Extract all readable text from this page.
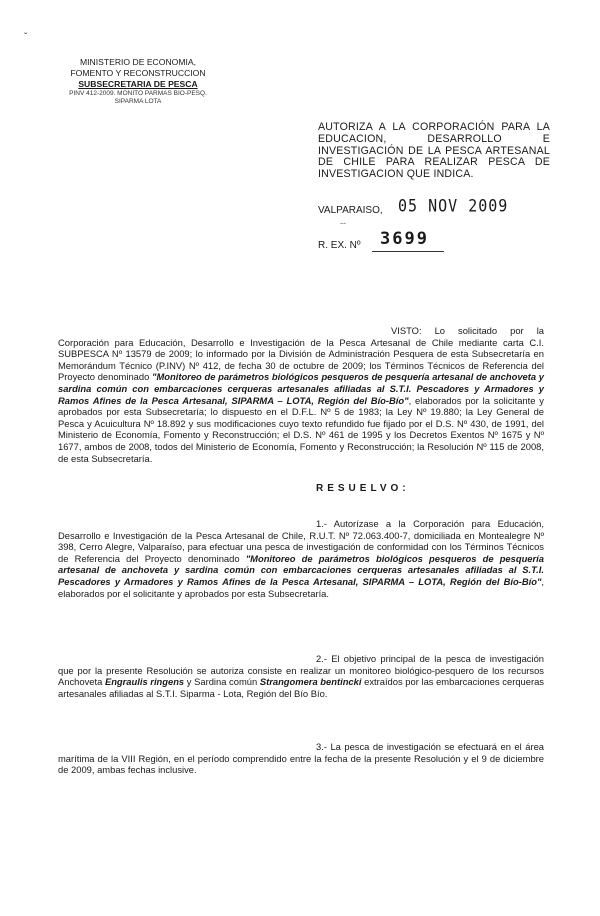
ˇ
MINISTERIO DE ECONOMIA,
FOMENTO Y RECONSTRUCCION
SUBSECRETARIA DE PESCA
PINV 412-2009. MONITO PARMAS BIO-PESQ.
SIPARMA LOTA
​
AUTORIZA A LA CORPORACIÓN PARA LA EDUCACION, DESARROLLO E INVESTIGACIÓN DE LA PESCA ARTESANAL DE CHILE PARA REALIZAR PESCA DE INVESTIGACION QUE INDICA.
VALPARAISO, 05 NOV 2009
--
R. EX. Nº 3699
VISTO: Lo solicitado por la Corporación para Educación, Desarrollo e Investigación de la Pesca Artesanal de Chile mediante carta C.I. SUBPESCA Nº 13579 de 2009; lo informado por la División de Administración Pesquera de esta Subsecretaría en Memorándum Técnico (P.INV) Nº 412, de fecha 30 de octubre de 2009; los Términos Técnicos de Referencia del Proyecto denominado "Monitoreo de parámetros biológicos pesqueros de pesquería artesanal de anchoveta y sardina común con embarcaciones cerqueras artesanales afiliadas al S.T.I. Pescadores y Armadores y Ramos Afines de la Pesca Artesanal, SIPARMA – LOTA, Región del Bío-Bío", elaborados por la solicitante y aprobados por esta Subsecretaría; lo dispuesto en el D.F.L. Nº 5 de 1983; la Ley Nº 19.880; la Ley General de Pesca y Acuicultura Nº 18.892 y sus modificaciones cuyo texto refundido fue fijado por el D.S. Nº 430, de 1991, del Ministerio de Economía, Fomento y Reconstrucción; el D.S. Nº 461 de 1995 y los Decretos Exentos Nº 1675 y Nº 1677, ambos de 2008, todos del Ministerio de Economía, Fomento y Reconstrucción; la Resolución Nº 115 de 2008, de esta Subsecretaría.
RESUELVO:
1.- Autorízase a la Corporación para Educación, Desarrollo e Investigación de la Pesca Artesanal de Chile, R.U.T. Nº 72.063.400-7, domiciliada en Montealegre Nº 398, Cerro Alegre, Valparaíso, para efectuar una pesca de investigación de conformidad con los Términos Técnicos de Referencia del Proyecto denominado "Monitoreo de parámetros biológicos pesqueros de pesquería artesanal de anchoveta y sardina común con embarcaciones cerqueras artesanales afiliadas al S.T.I. Pescadores y Armadores y Ramos Afines de la Pesca Artesanal, SIPARMA – LOTA, Región del Bío-Bío", elaborados por el solicitante y aprobados por esta Subsecretaría.
2.- El objetivo principal de la pesca de investigación que por la presente Resolución se autoriza consiste en realizar un monitoreo biológico-pesquero de los recursos Anchoveta Engraulis ringens y Sardina común Strangomera bentincki extraídos por las embarcaciones cerqueras artesanales afiliadas al S.T.I. Siparma - Lota, Región del Bío Bío.
3.- La pesca de investigación se efectuará en el área marítima de la VIII Región, en el período comprendido entre la fecha de la presente Resolución y el 9 de diciembre de 2009, ambas fechas inclusive.
